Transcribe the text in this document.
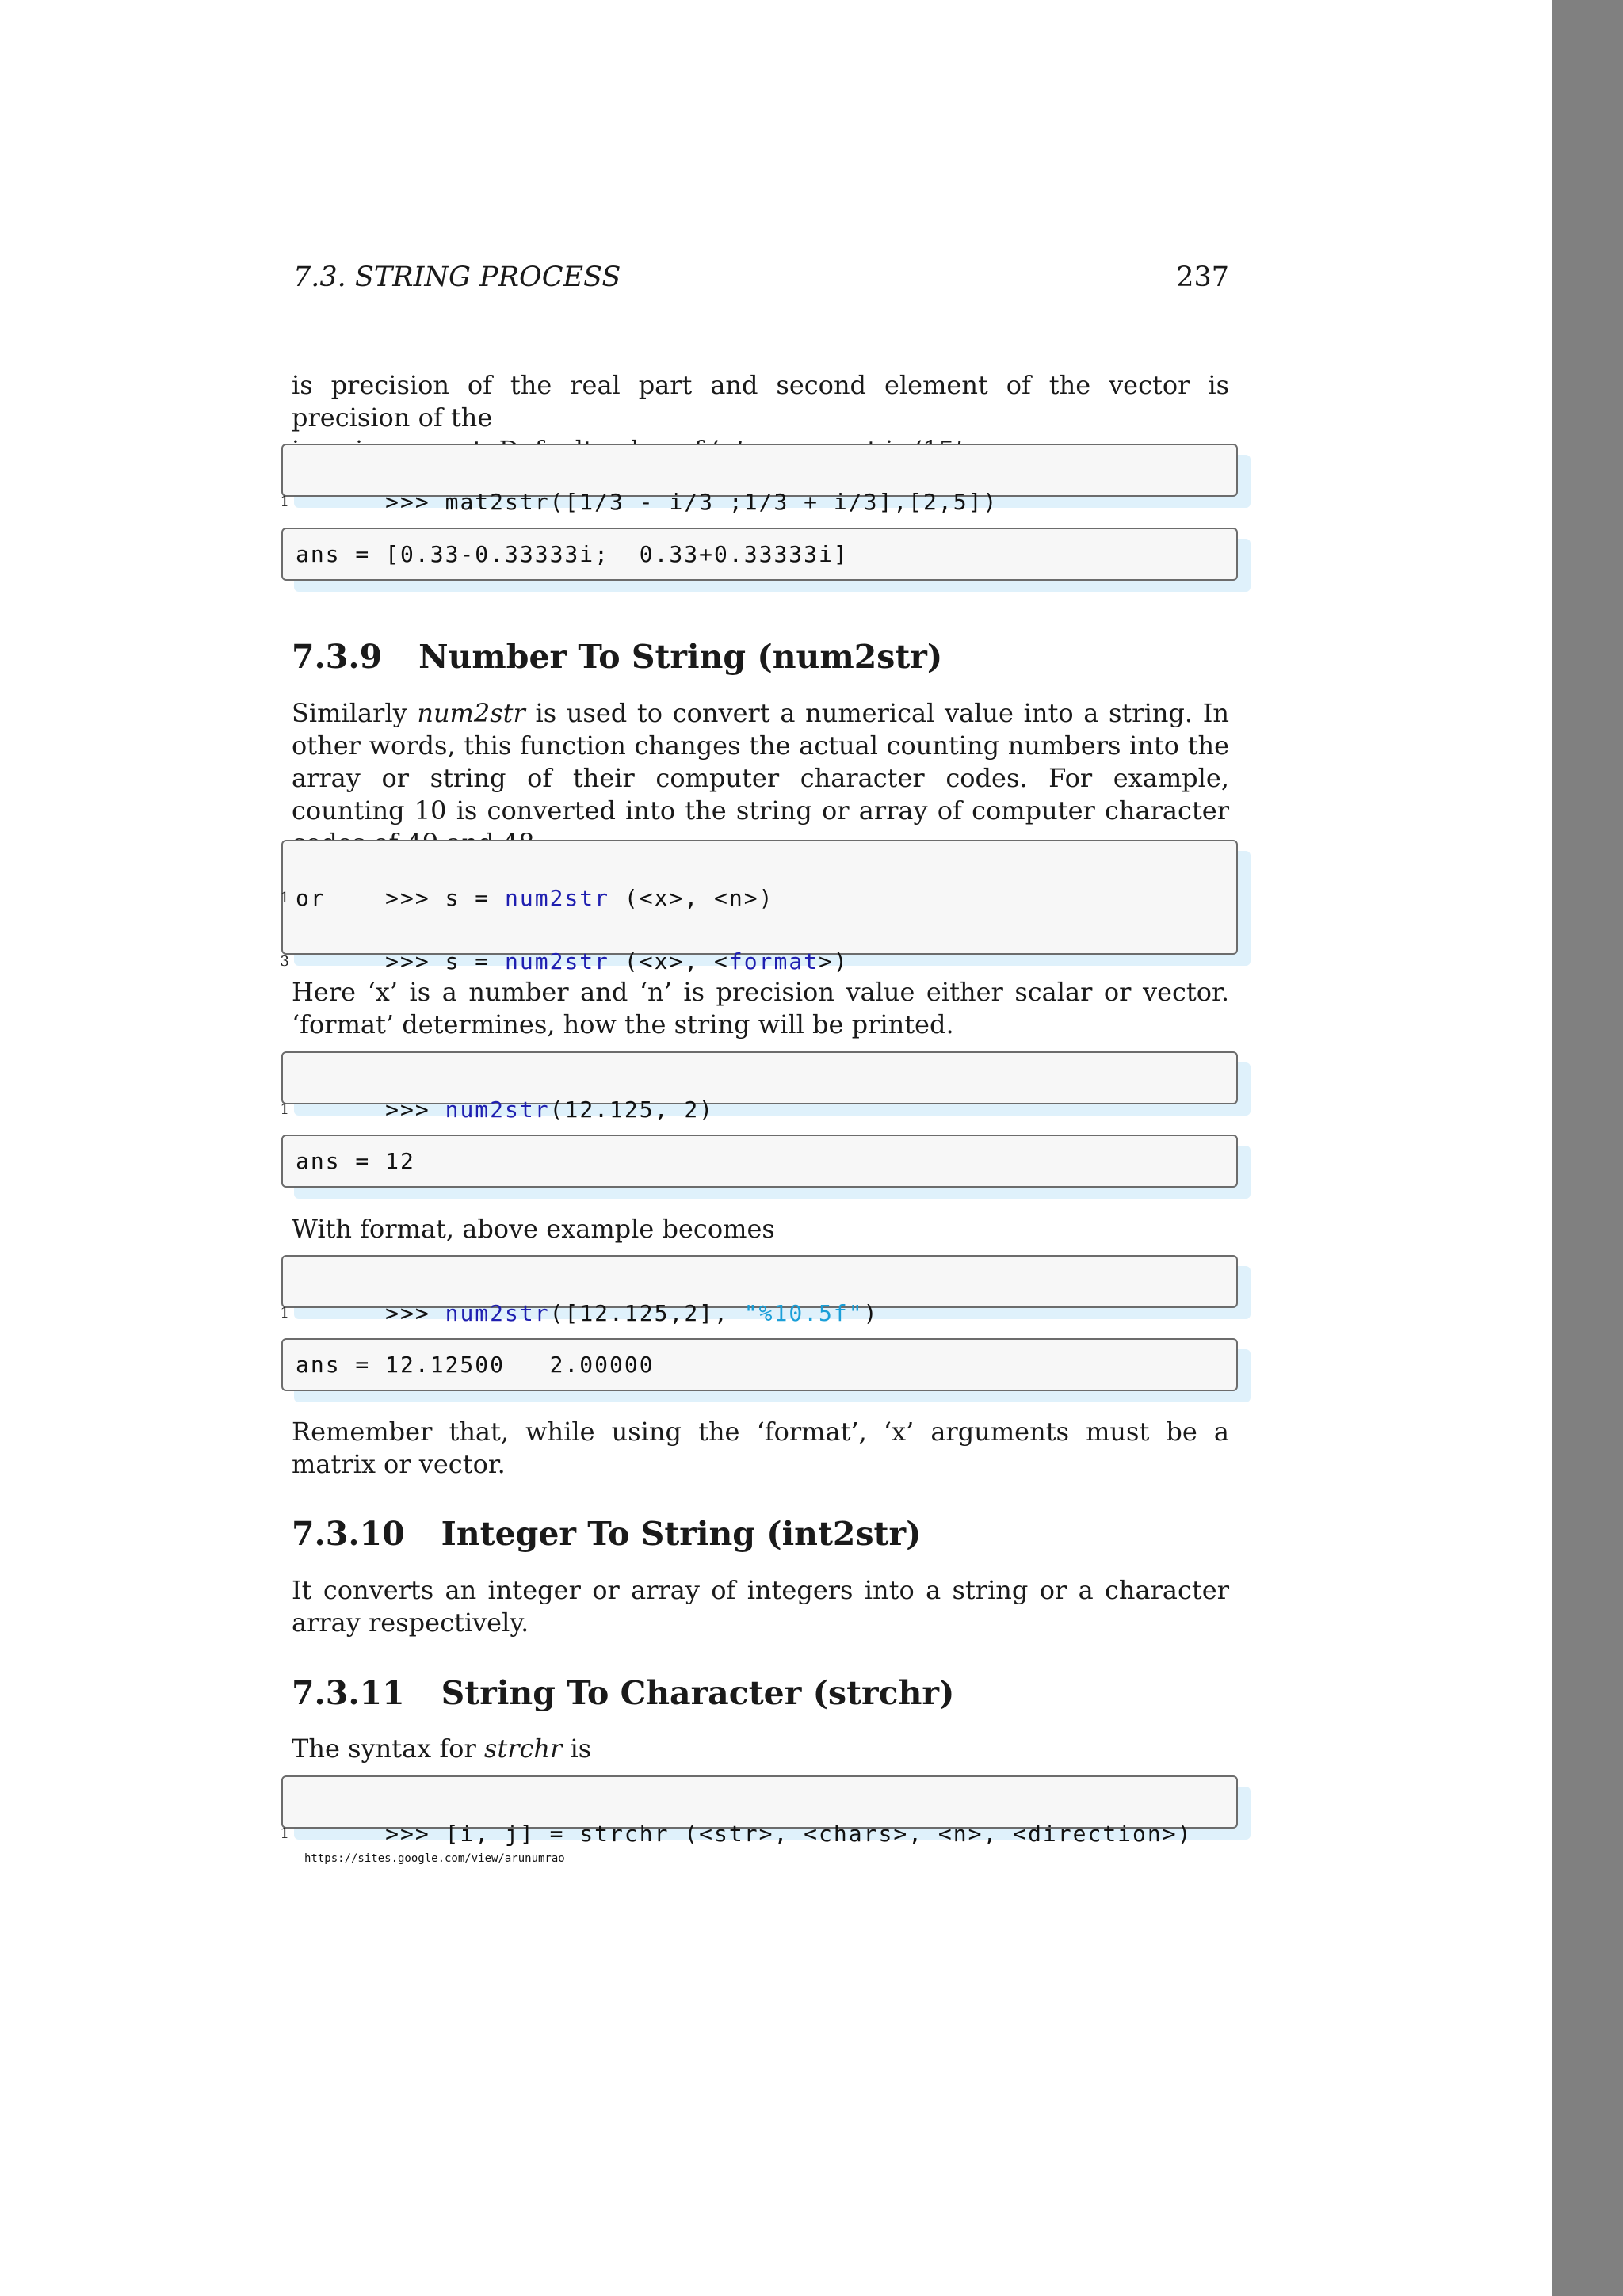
7.3. STRING PROCESS	237

is precision of the real part and second element of the vector is precision of the

1	>>> mat2str([1/3 - i/3 ;1/3 + i/3],[2,5])

ans = [0.33-0.33333i;  0.33+0.33333i]
7.3.9 Number To String (num2str)

Similarly num2str is used to convert a numerical value into a string. In other words, this function changes the actual counting numbers into the array or string of their computer character codes. For example, counting 10 is converted into the string or array of computer character

1	>>> s = num2str (<x>, <n>)

or

3	>>> s = num2str (<x>, <format>)

Here ‘x’ is a number and ‘n’ is precision value either scalar or vector. ‘format’ determines, how the string will be printed.

1	>>> num2str(12.125, 2)

ans = 12

With format, above example becomes

1	>>> num2str([12.125,2], "%10.5f")

ans = 12.12500   2.00000

Remember that, while using the ‘format’, ‘x’ arguments must be a matrix or vector.

7.3.10 Integer To String (int2str)

It converts an integer or array of integers into a string or a character array respectively.

7.3.11 String To Character (strchr)

The syntax for strchr is

1	>>> [i, j] = strchr (<str>, <chars>, <n>, <direction>)

https://sites.google.com/view/arunumrao
